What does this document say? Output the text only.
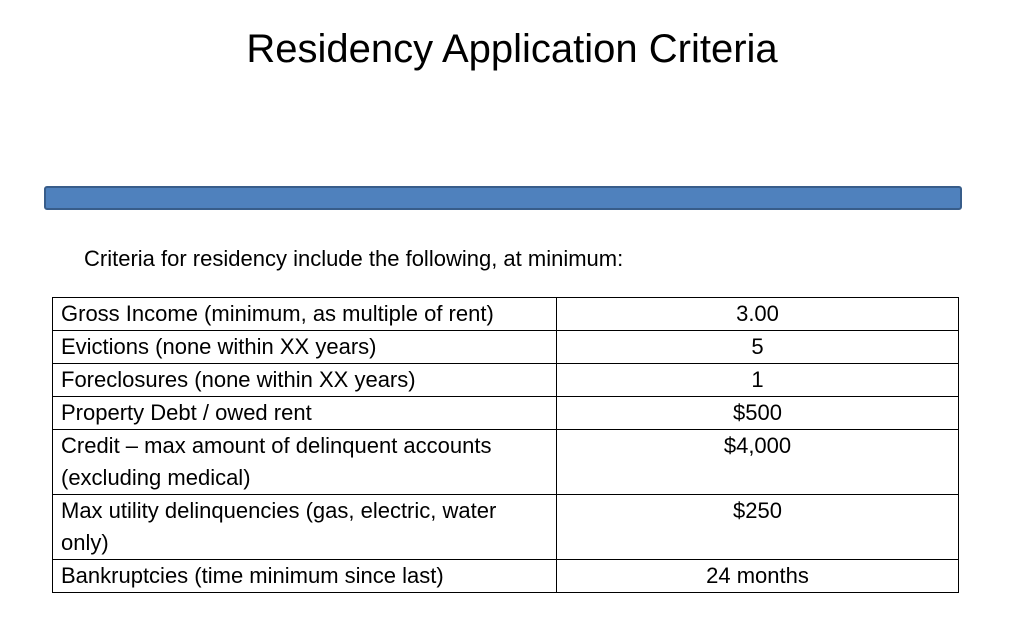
Residency Application Criteria

Criteria for residency include the following, at minimum:

Gross Income (minimum, as multiple of rent)	3.00
Evictions (none within XX years)	5
Foreclosures (none within XX years)	1
Property Debt / owed rent	$500
Credit – max amount of delinquent accounts (excluding medical)	$4,000
Max utility delinquencies (gas, electric, water only)	$250
Bankruptcies (time minimum since last)	24 months
